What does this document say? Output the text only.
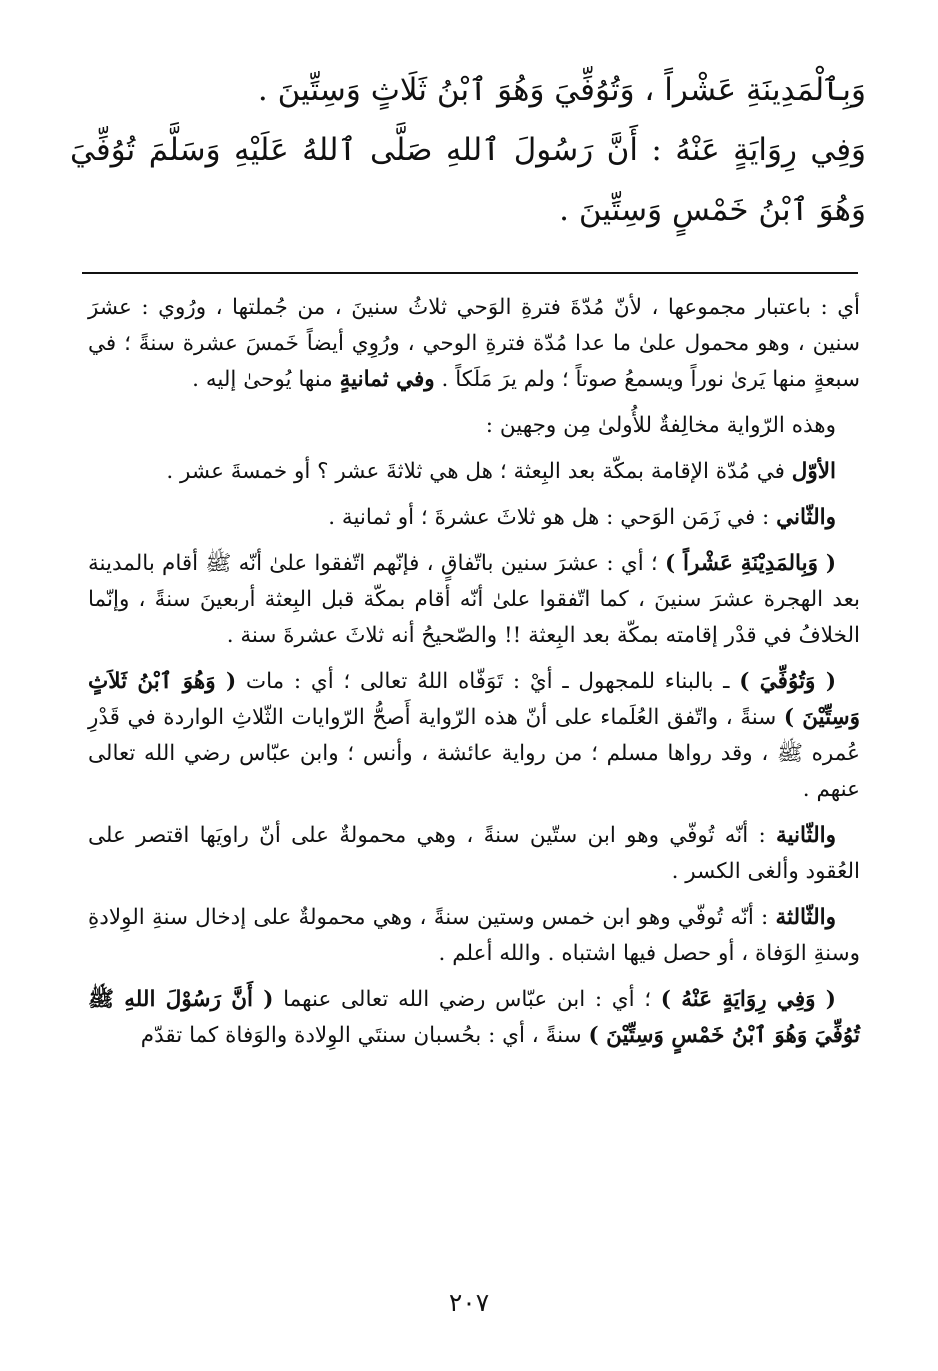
وَبِٱلْمَدِينَةِ عَشْراً ، وَتُوُفِّيَ وَهُوَ ٱبْنُ ثَلَاثٍ وَسِتِّينَ .

وَفِي رِوَايَةٍ عَنْهُ : أَنَّ رَسُولَ ٱللهِ صَلَّى ٱللهُ عَلَيْهِ وَسَلَّمَ تُوُفِّيَ وَهُوَ ٱبْنُ خَمْسٍ وَسِتِّينَ .

أي : باعتبار مجموعها ، لأنّ مُدّةَ فترةِ الوَحي ثلاثُ سنينَ ، من جُملتها ، ورُوي : عشرَ سنين ، وهو محمول علىٰ ما عدا مُدّة فترةِ الوحي ، ورُوِي أيضاً خَمسَ عشرة سنةً ؛ في سبعةٍ منها يَرىٰ نوراً ويسمعُ صوتاً ؛ ولم يرَ مَلَكاً . وفي ثمانيةٍ منها يُوحىٰ إليه .

وهذه الرّواية مخالِفةٌ للأُولىٰ مِن وجهين :

الأوّل في مُدّة الإقامة بمكّة بعد البِعثة ؛ هل هي ثلاثةَ عشر ؟ أو خمسةَ عشر .

والثّاني : في زَمَن الوَحي : هل هو ثلاثَ عشرةَ ؛ أو ثمانية .

( وَبِالمَدِيْنَةِ عَشْراً ) ؛ أي : عشرَ سنين باتّفاقٍ ، فإنّهم اتّفقوا علىٰ أنّه ﷺ أقام بالمدينة بعد الهجرة عشرَ سنينَ ، كما اتّفقوا علىٰ أنّه أقام بمكّة قبل البِعثة أربعينَ سنةً ، وإنّما الخلافُ في قدْر إقامته بمكّة بعد البِعثة !! والصّحيحُ أنه ثلاثَ عشرةَ سنة .

( وَتُوُفِّيَ ) ـ بالبناء للمجهول ـ أيْ : تَوَفّاه اللهُ تعالى ؛ أي : مات ( وَهُوَ ٱبْنُ ثَلاَثٍ وَسِتِّيْنَ ) سنةً ، واتّفق العُلَماء على أنّ هذه الرّواية أَصحُّ الرّوايات الثّلاثِ الواردة في قَدْرِ عُمره ﷺ ، وقد رواها مسلم ؛ من رواية عائشة ، وأنس ؛ وابن عبّاس رضي الله تعالى عنهم .

والثّانية : أنّه تُوفّي وهو ابن ستّين سنةً ، وهي محمولةٌ على أنّ راويَها اقتصر على العُقود وألغى الكسر .

والثّالثة : أنّه تُوفّي وهو ابن خمس وستين سنةً ، وهي محمولةٌ على إدخال سنةِ الوِلادةِ وسنةِ الوَفاة ، أو حصل فيها اشتباه . والله أعلم .

( وَفِي رِوَايَةٍ عَنْهُ ) ؛ أي : ابن عبّاس رضي الله تعالى عنهما ( أَنَّ رَسُوْلَ اللهِ ﷺ تُوُفِّيَ وَهُوَ ٱبْنُ خَمْسٍ وَسِتِّيْنَ ) سنةً ، أي : بحُسبان سنتَي الوِلادة والوَفاة كما تقدّم

٢٠٧
